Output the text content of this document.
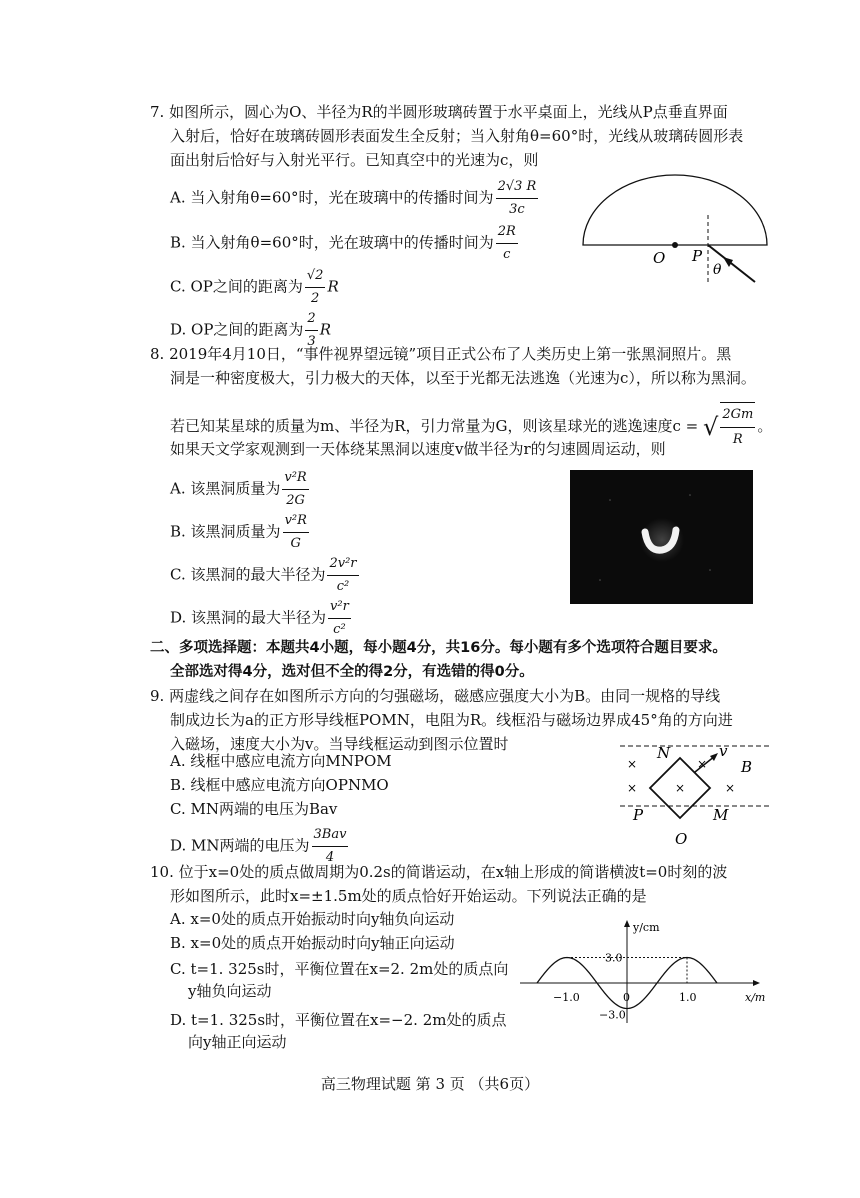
7. 如图所示，圆心为O、半径为R的半圆形玻璃砖置于水平桌面上，光线从P点垂直界面

入射后，恰好在玻璃砖圆形表面发生全反射；当入射角θ=60°时，光线从玻璃砖圆形表

面出射后恰好与入射光平行。已知真空中的光速为c，则

A. 当入射角θ=60°时，光在玻璃中的传播时间为 $\frac{2√3 R}{3c}$
B. 当入射角θ=60°时，光在玻璃中的传播时间为 $\frac{2R}{c}$
C. OP之间的距离为 $\frac{√2}{2}$ R
D. OP之间的距离为 $\frac{2}{3}$ R
O P
θ

8. 2019年4月10日，“事件视界望远镜”项目正式公布了人类历史上第一张黑洞照片。黑

洞是一种密度极大，引力极大的天体，以至于光都无法逃逸（光速为c），所以称为黑洞。

若已知某星球的质量为m、半径为R，引力常量为G，则该星球光的逃逸速度c = √ $\frac{2Gm}{R}$ 。

如果天文学家观测到一天体绕某黑洞以速度v做半径为r的匀速圆周运动，则

A. 该黑洞质量为 $\frac{\text{v²R}}{2G}$
B. 该黑洞质量为 $\frac{\text{v²R}}{G}$
C. 该黑洞的最大半径为 $\frac{\text{2v²r}}{\text{c²}}$
D. 该黑洞的最大半径为 $\frac{\text{v²r}}{\text{c²}}$

二、多项选择题：本题共4小题，每小题4分，共16分。每小题有多个选项符合题目要求。

全部选对得4分，选对但不全的得2分，有选错的得0分。

9. 两虚线之间存在如图所示方向的匀强磁场，磁感应强度大小为B。由同一规格的导线

制成边长为a的正方形导线框POMN，电阻为R。线框沿与磁场边界成45°角的方向进

入磁场，速度大小为v。当导线框运动到图示位置时

A. 线框中感应电流方向MNPOM
B. 线框中感应电流方向OPNMO
C. MN两端的电压为Bav
D. MN两端的电压为 $\frac{\text{3Bav}}{4}$
×
×
×
×	×
N	v
B
P	M
O

10. 位于x=0处的质点做周期为0.2s的简谐运动，在x轴上形成的简谐横波t=0时刻的波

形如图所示，此时x=±1.5m处的质点恰好开始运动。下列说法正确的是

A. x=0处的质点开始振动时向y轴负向运动
B. x=0处的质点开始振动时向y轴正向运动
C. t=1. 325s时，平衡位置在x=2. 2m处的质点向
y轴负向运动
D. t=1. 325s时，平衡位置在x=−2. 2m处的质点
向y轴正向运动
y/cm
x/m
−1.0	0	1.0
3.0
−3.0
高三物理试题 第 3 页 （共6页）
